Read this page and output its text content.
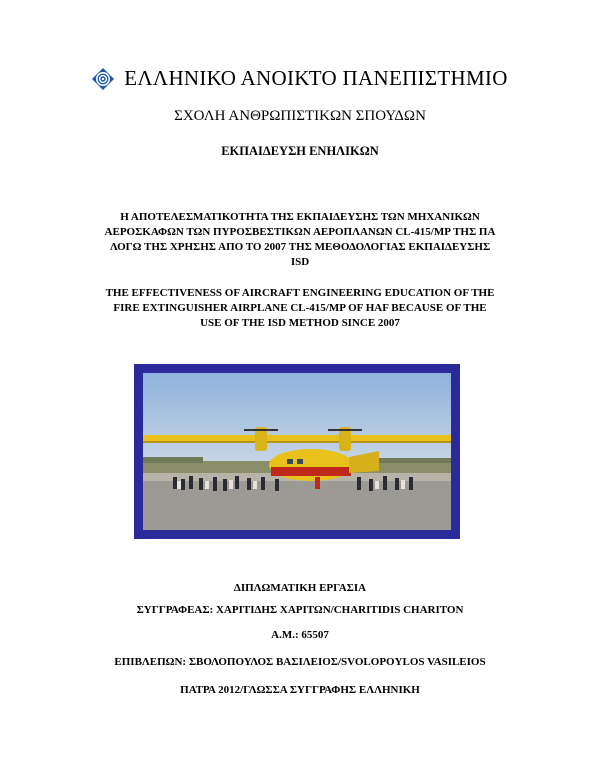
ΕΛΛΗΝΙΚΟ ΑΝΟΙΚΤΟ ΠΑΝΕΠΙΣΤΗΜΙΟ
ΣΧΟΛΗ ΑΝΘΡΩΠΙΣΤΙΚΩΝ ΣΠΟΥΔΩΝ
ΕΚΠΑΙΔΕΥΣΗ ΕΝΗΛΙΚΩΝ
Η ΑΠΟΤΕΛΕΣΜΑΤΙΚΟΤΗΤΑ ΤΗΣ ΕΚΠΑΙΔΕΥΣΗΣ ΤΩΝ ΜΗΧΑΝΙΚΩΝ
ΑΕΡΟΣΚΑΦΩΝ ΤΩΝ ΠΥΡΟΣΒΕΣΤΙΚΩΝ ΑΕΡΟΠΛΑΝΩΝ CL-415/MP ΤΗΣ ΠΑ
ΛΟΓΩ ΤΗΣ ΧΡΗΣΗΣ ΑΠΟ ΤΟ 2007 ΤΗΣ ΜΕΘΟΔΟΛΟΓΙΑΣ ΕΚΠΑΙΔΕΥΣΗΣ
ISD
THE EFFECTIVENESS OF AIRCRAFT ENGINEERING EDUCATION OF THE
FIRE EXTINGUISHER AIRPLANE CL-415/MP OF HAF BECAUSE OF THE
USE OF THE ISD METHOD SINCE 2007
ΔΙΠΛΩΜΑΤΙΚΗ ΕΡΓΑΣΙΑ
ΣΥΓΓΡΑΦΕΑΣ: ΧΑΡΙΤΙΔΗΣ ΧΑΡΙΤΩΝ/CHARITIDIS CHARITON
Α.Μ.: 65507
ΕΠΙΒΛΕΠΩΝ: ΣΒΟΛΟΠΟΥΛΟΣ ΒΑΣΙΛΕΙΟΣ/SVOLOPOYLOS VASILEIOS
ΠΑΤΡΑ 2012/ΓΛΩΣΣΑ ΣΥΓΓΡΑΦΗΣ ΕΛΛΗΝΙΚΗ
